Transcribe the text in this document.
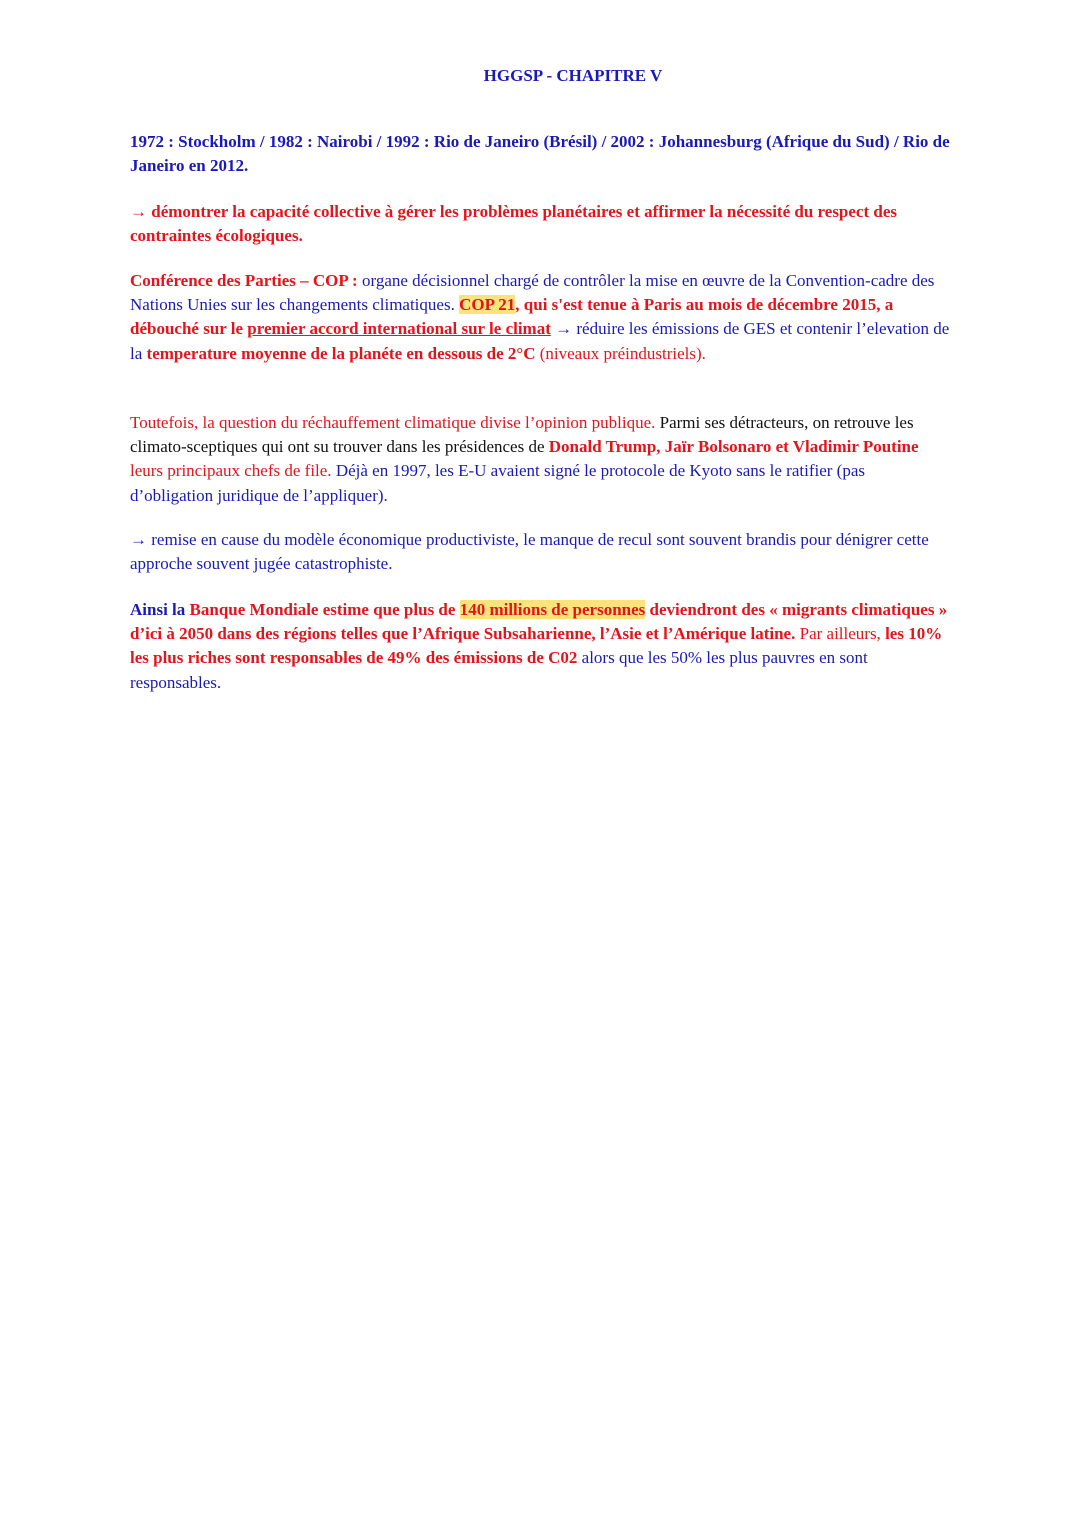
HGGSP - CHAPITRE V

1972 : Stockholm / 1982 : Nairobi / 1992 : Rio de Janeiro (Brésil) / 2002 : Johannesburg (Afrique du Sud) / Rio de Janeiro en 2012.

→ démontrer la capacité collective à gérer les problèmes planétaires et affirmer la nécessité du respect des contraintes écologiques.

Conférence des Parties – COP : organe décisionnel chargé de contrôler la mise en œuvre de la Convention-cadre des Nations Unies sur les changements climatiques. COP 21, qui s'est tenue à Paris au mois de décembre 2015, a débouché sur le premier accord international sur le climat → réduire les émissions de GES et contenir l’elevation de la temperature moyenne de la planéte en dessous de 2°C (niveaux préindustriels).

Toutefois, la question du réchauffement climatique divise l’opinion publique. Parmi ses détracteurs, on retrouve les climato-sceptiques qui ont su trouver dans les présidences de Donald Trump, Jaïr Bolsonaro et Vladimir Poutine leurs principaux chefs de file. Déjà en 1997, les E-U avaient signé le protocole de Kyoto sans le ratifier (pas d’obligation juridique de l’appliquer).

→ remise en cause du modèle économique productiviste, le manque de recul sont souvent brandis pour dénigrer cette approche souvent jugée catastrophiste.

Ainsi la Banque Mondiale estime que plus de 140 millions de personnes deviendront des « migrants climatiques » d’ici à 2050 dans des régions telles que l’Afrique Subsaharienne, l’Asie et l’Amérique latine. Par ailleurs, les 10% les plus riches sont responsables de 49% des émissions de C02 alors que les 50% les plus pauvres en sont responsables.
